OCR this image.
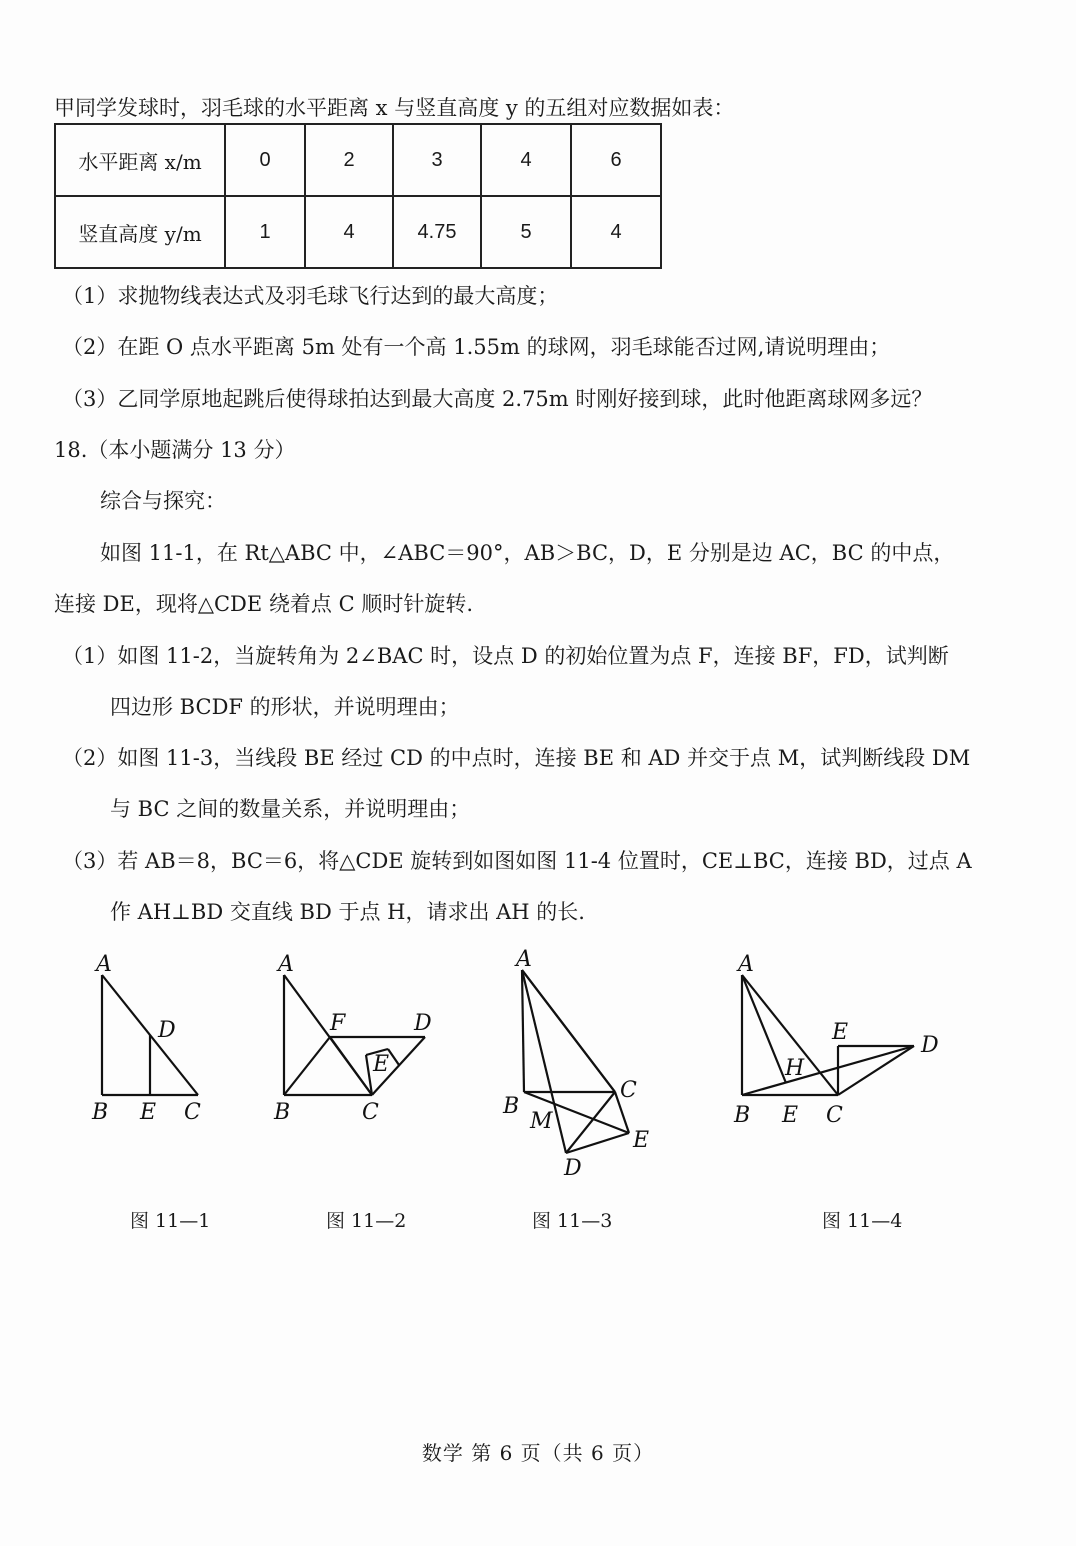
甲同学发球时，羽毛球的水平距离 x 与竖直高度 y 的五组对应数据如表：
水平距离 x/m	0	2	3	4	6
竖直高度 y/m	1	4	4.75	5	4
（1）求抛物线表达式及羽毛球飞行达到的最大高度；
（2）在距 O 点水平距离 5m 处有一个高 1.55m 的球网，羽毛球能否过网,请说明理由；
（3）乙同学原地起跳后使得球拍达到最大高度 2.75m 时刚好接到球，此时他距离球网多远？
18.（本小题满分 13 分）
综合与探究：
如图 11-1，在 Rt△ABC 中，∠ABC＝90°，AB＞BC，D，E 分别是边 AC，BC 的中点，
连接 DE，现将△CDE 绕着点 C 顺时针旋转.
（1）如图 11-2，当旋转角为 2∠BAC 时，设点 D 的初始位置为点 F，连接 BF，FD，试判断
四边形 BCDF 的形状，并说明理由；
（2）如图 11-3，当线段 BE 经过 CD 的中点时，连接 BE 和 AD 并交于点 M，试判断线段 DM
与 BC 之间的数量关系，并说明理由；
（3）若 AB＝8，BC＝6，将△CDE 旋转到如图如图 11-4 位置时，CE⊥BC，连接 BD，过点 A
作 AH⊥BD 交直线 BD 于点 H，请求出 AH 的长.
A
D
B E C
A
F	D
E
B	C
A
C
B
M
E
D
A
E
D
H
B E C
图 11—1	图 11—2	图 11—3	图 11—4
数学 第 6 页（共 6 页）
